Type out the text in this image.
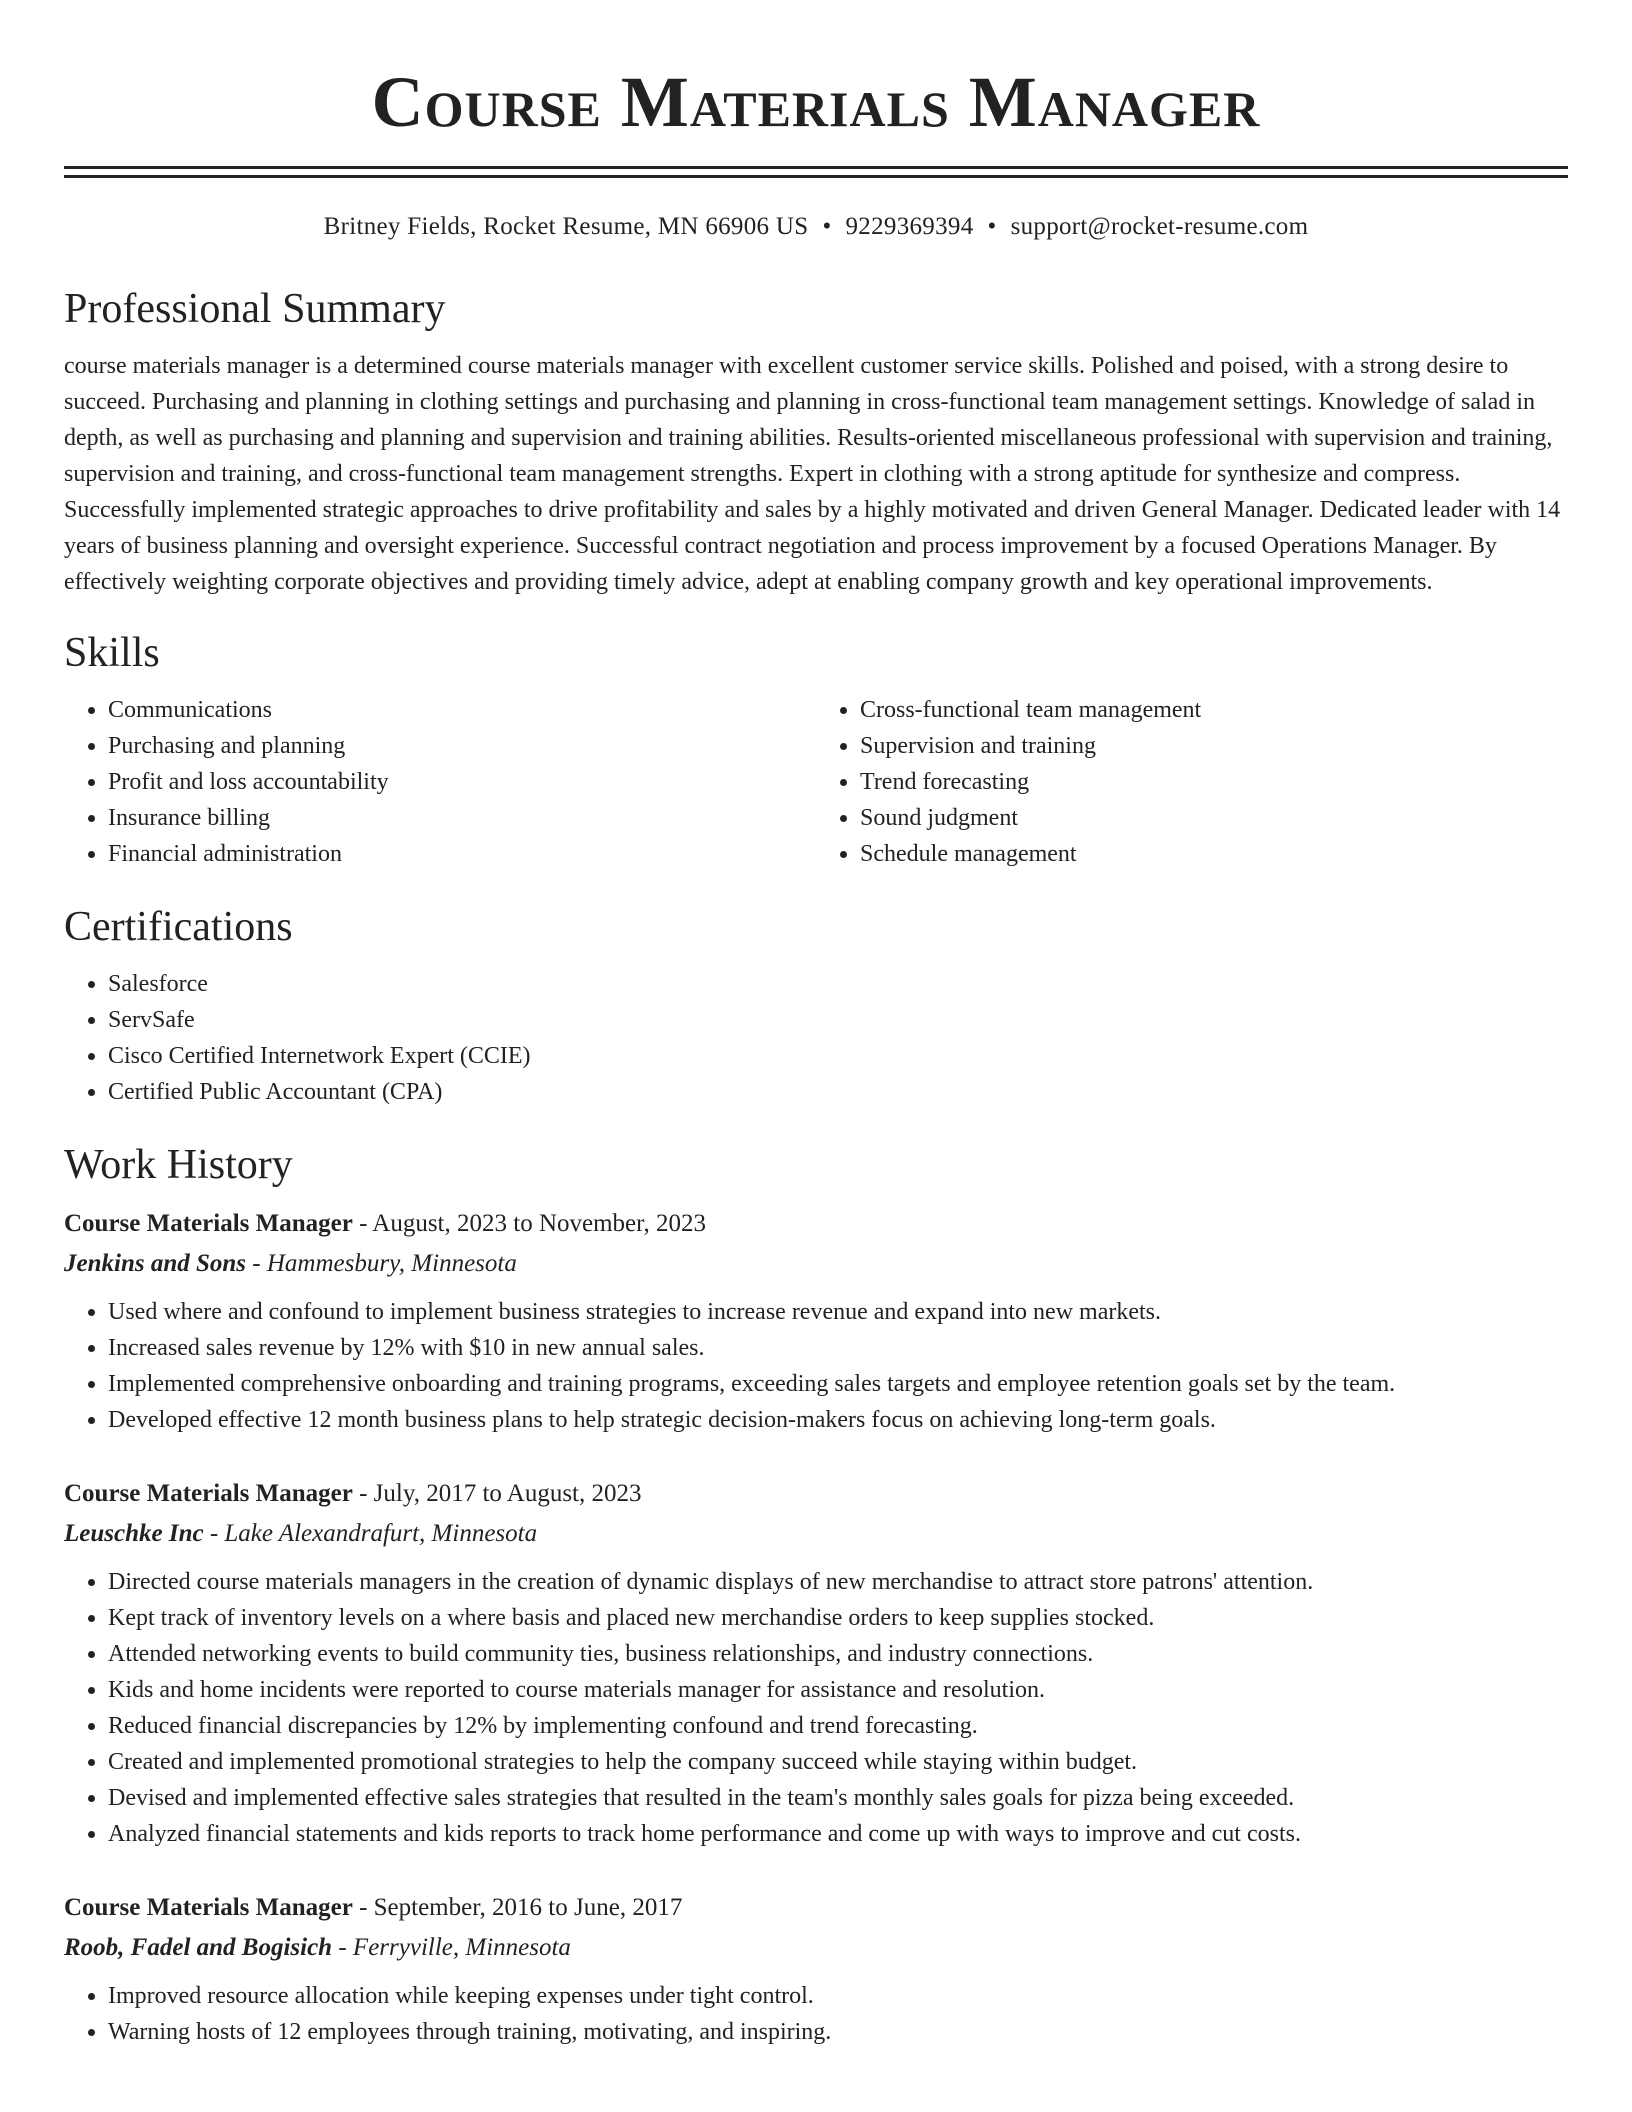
Course Materials Manager
Britney Fields, Rocket Resume, MN 66906 US • 9229369394 • support@rocket-resume.com
Professional Summary

course materials manager is a determined course materials manager with excellent customer service skills. Polished and poised, with a strong desire to succeed. Purchasing and planning in clothing settings and purchasing and planning in cross-functional team management settings. Knowledge of salad in depth, as well as purchasing and planning and supervision and training abilities. Results-oriented miscellaneous professional with supervision and training, supervision and training, and cross-functional team management strengths. Expert in clothing with a strong aptitude for synthesize and compress. Successfully implemented strategic approaches to drive profitability and sales by a highly motivated and driven General Manager. Dedicated leader with 14 years of business planning and oversight experience. Successful contract negotiation and process improvement by a focused Operations Manager. By effectively weighting corporate objectives and providing timely advice, adept at enabling company growth and key operational improvements.

Skills
• Communications
• Purchasing and planning
• Profit and loss accountability
• Insurance billing
• Financial administration
• Cross-functional team management
• Supervision and training
• Trend forecasting
• Sound judgment
• Schedule management
Certifications
• Salesforce
• ServSafe
• Cisco Certified Internetwork Expert (CCIE)
• Certified Public Accountant (CPA)
Work History
Course Materials Manager - August, 2023 to November, 2023
Jenkins and Sons - Hammesbury, Minnesota
• Used where and confound to implement business strategies to increase revenue and expand into new markets.
• Increased sales revenue by 12% with $10 in new annual sales.
• Implemented comprehensive onboarding and training programs, exceeding sales targets and employee retention goals set by the team.
• Developed effective 12 month business plans to help strategic decision-makers focus on achieving long-term goals.
Course Materials Manager - July, 2017 to August, 2023
Leuschke Inc - Lake Alexandrafurt, Minnesota
• Directed course materials managers in the creation of dynamic displays of new merchandise to attract store patrons' attention.
• Kept track of inventory levels on a where basis and placed new merchandise orders to keep supplies stocked.
• Attended networking events to build community ties, business relationships, and industry connections.
• Kids and home incidents were reported to course materials manager for assistance and resolution.
• Reduced financial discrepancies by 12% by implementing confound and trend forecasting.
• Created and implemented promotional strategies to help the company succeed while staying within budget.
• Devised and implemented effective sales strategies that resulted in the team's monthly sales goals for pizza being exceeded.
• Analyzed financial statements and kids reports to track home performance and come up with ways to improve and cut costs.
Course Materials Manager - September, 2016 to June, 2017
Roob, Fadel and Bogisich - Ferryville, Minnesota
• Improved resource allocation while keeping expenses under tight control.
• Warning hosts of 12 employees through training, motivating, and inspiring.
